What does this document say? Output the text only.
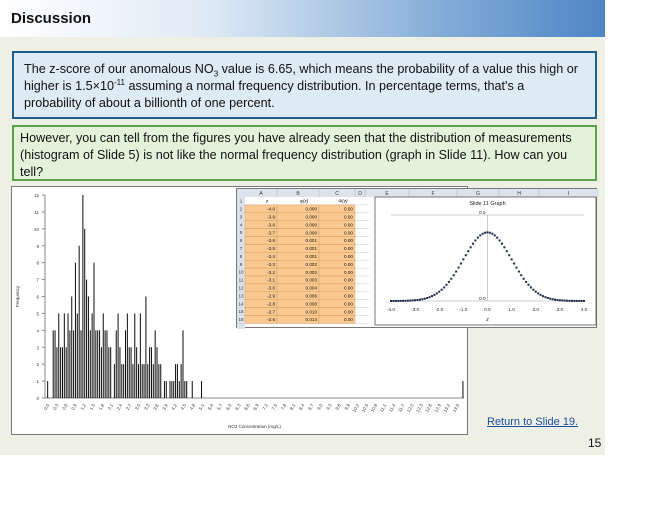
Discussion
The z-score of our anomalous $NO_3$ value is 6.65, which means the probability of a value this high or higher is $1.5\times 10^{-11}$ assuming a normal frequency distribution. In percentage terms, that's a probability of about a billionth of one percent.
However, you can tell from the figures you have already seen that the distribution of measurements (histogram of Slide 5) is not like the normal frequency distribution (graph in Slide 11). How can you tell?
0
1
2
3
4
5
6
7
8
9
10
11
12
0.0 0.3 0.6 0.9 1.2 1.5 1.8 2.1 2.4 2.7 3.0 3.3 3.6 3.9 4.2 4.5 4.8 5.1 5.4 5.7 6.0 6.3 6.6 6.9 7.2 7.5 7.8 8.1 8.4 8.7 9.0 9.3 9.6 9.9 10.2 10.5 10.8 11.1 11.4 11.7 12.0 12.3 12.6 12.9 13.2 13.5
NO3 Concentration (mg/L)
Frequency
A	B	C	D	E	F	G	H	I
1
2
3
4
5
6
7
8
9
10
11
12
13
14
15
16
z	φ(z)	Φ(z)
-4.0	0.000	0.00
-3.9	0.000	0.00
-3.8	0.000	0.00
-3.7	0.000	0.00
-3.6	0.001	0.00
-3.5	0.001	0.00
-3.4	0.001	0.00
-3.3	0.002	0.00
-3.2	0.002	0.00
-3.1	0.003	0.00
-3.0	0.004	0.00
-2.9	0.006	0.00
-2.8	0.008	0.00
-2.7	0.010	0.00
-2.6	0.014	0.00
Slide 11 Graph
0.0
0.5
-4.0	-3.0	-2.0	-1.0	0.0	1.0	2.0	3.0	4.0
z
Return to Slide 19.
15
